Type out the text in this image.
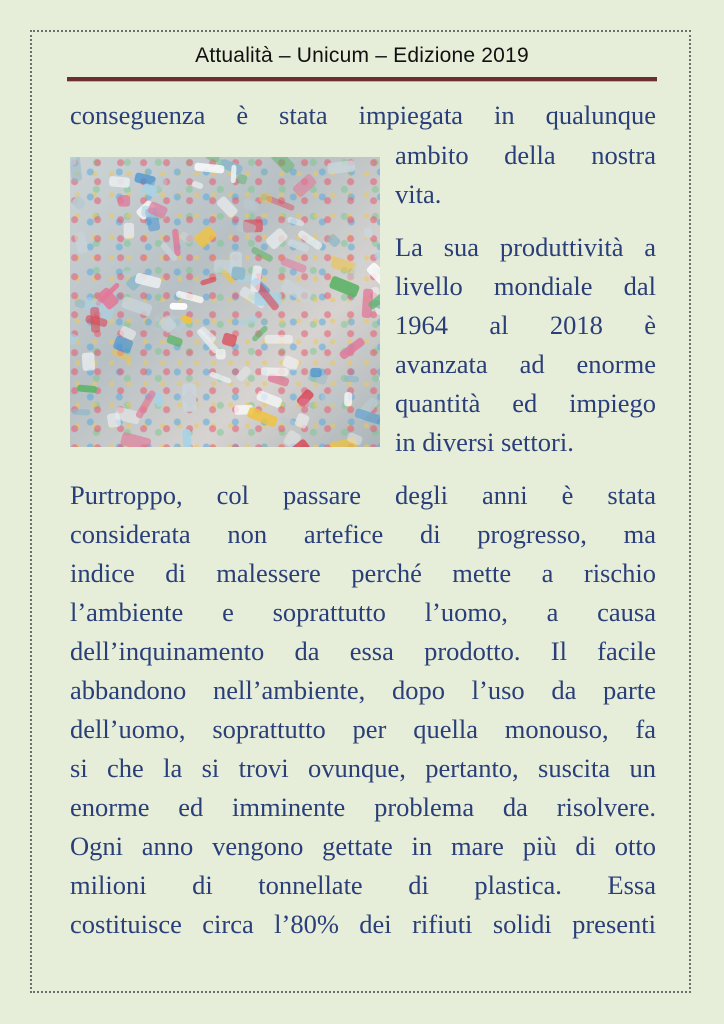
Attualità – Unicum – Edizione 2019
conseguenza è stata impiegata in qualunque
ambito della nostra
vita.
La sua produttività a
livello mondiale dal
1964 al 2018 è
avanzata ad enorme
quantità ed impiego
in diversi settori.
Purtroppo, col passare degli anni è stata
considerata non artefice di progresso, ma
indice di malessere perché mette a rischio
l’ambiente e soprattutto l’uomo, a causa
dell’inquinamento da essa prodotto. Il facile
abbandono nell’ambiente, dopo l’uso da parte
dell’uomo, soprattutto per quella monouso, fa
si che la si trovi ovunque, pertanto, suscita un
enorme ed imminente problema da risolvere.
Ogni anno vengono gettate in mare più di otto
milioni di tonnellate di plastica. Essa
costituisce circa l’80% dei rifiuti solidi presenti
